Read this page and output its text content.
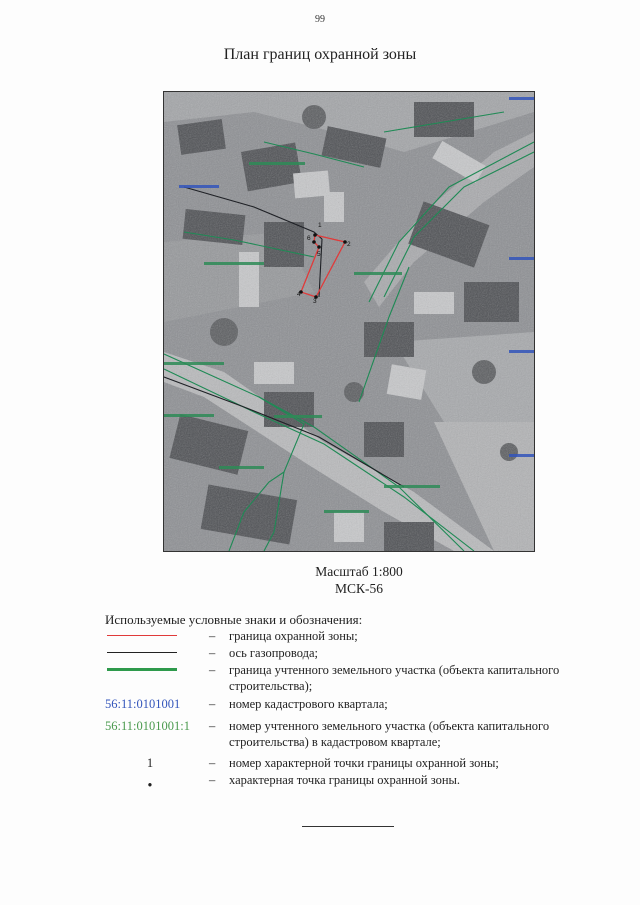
99
План границ охранной зоны
1
2
3
4
5
6
Масштаб 1:800
МСК-56
Используемые условные знаки и обозначения:
– граница охранной зоны;
– ось газопровода;
– граница учтенного земельного участка (объекта капитального строительства);
56:11:0101001	– номер кадастрового квартала;
56:11:0101001:1	– номер учтенного земельного участка (объекта капитального строительства) в кадастровом квартале;
1	– номер характерной точки границы охранной зоны;
•	– характерная точка границы охранной зоны.
